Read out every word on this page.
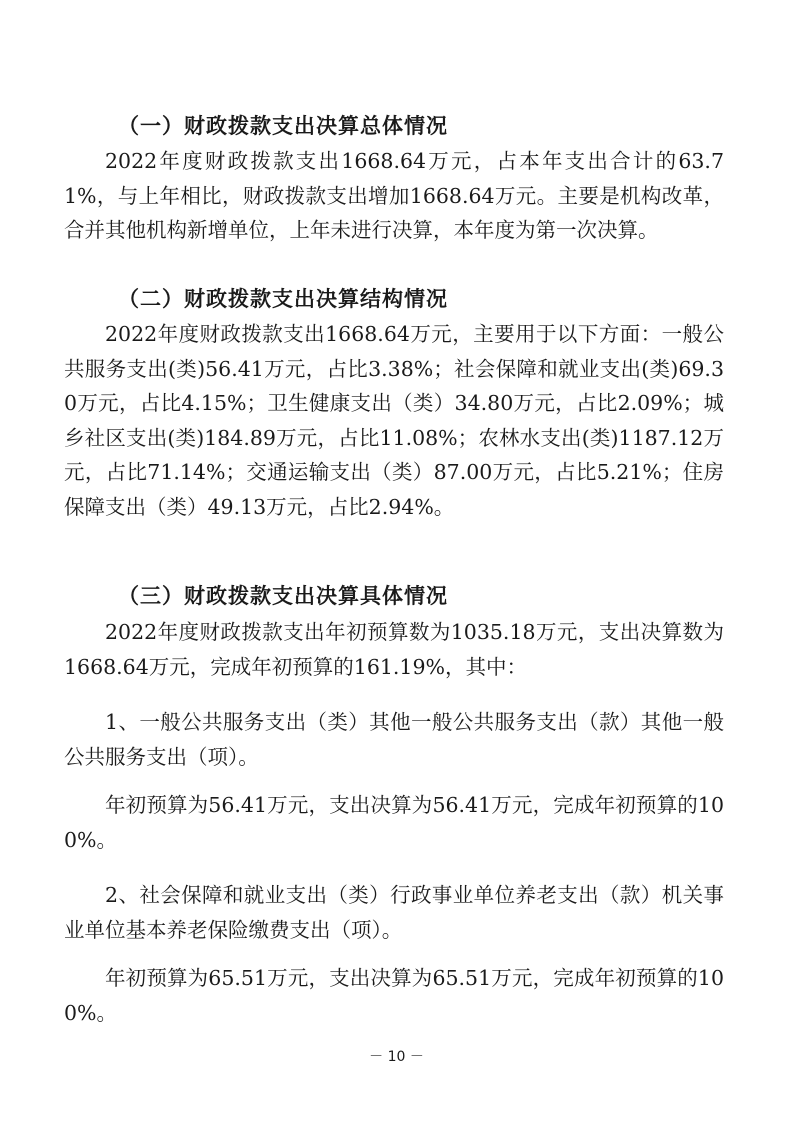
（一）财政拨款支出决算总体情况
2022年度财政拨款支出1668.64万元，占本年支出合计的63.71%，与上年相比，财政拨款支出增加1668.64万元。主要是机构改革，合并其他机构新增单位，上年未进行决算，本年度为第一次决算。
（二）财政拨款支出决算结构情况
2022年度财政拨款支出1668.64万元，主要用于以下方面：一般公共服务支出(类)56.41万元，占比3.38%；社会保障和就业支出(类)69.30万元，占比4.15%；卫生健康支出（类）34.80万元，占比2.09%；城乡社区支出(类)184.89万元，占比11.08%；农林水支出(类)1187.12万元，占比71.14%；交通运输支出（类）87.00万元，占比5.21%；住房保障支出（类）49.13万元，占比2.94%。
（三）财政拨款支出决算具体情况
2022年度财政拨款支出年初预算数为1035.18万元，支出决算数为1668.64万元，完成年初预算的161.19%，其中：
1、一般公共服务支出（类）其他一般公共服务支出（款）其他一般公共服务支出（项）。
年初预算为56.41万元，支出决算为56.41万元，完成年初预算的100%。
2、社会保障和就业支出（类）行政事业单位养老支出（款）机关事业单位基本养老保险缴费支出（项）。
年初预算为65.51万元，支出决算为65.51万元，完成年初预算的100%。
－ 10 －
